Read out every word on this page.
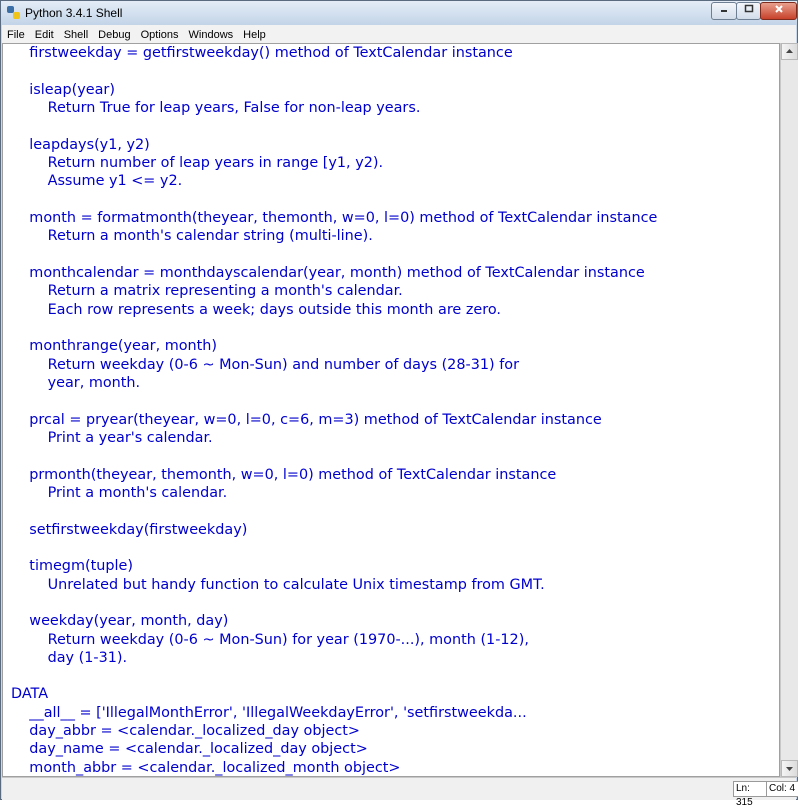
Python 3.4.1 Shell
File Edit Shell Debug Options Windows Help
firstweekday = getfirstweekday() method of TextCalendar instance

isleap(year)
Return True for leap years, False for non-leap years.

leapdays(y1, y2)
Return number of leap years in range [y1, y2).
Assume y1 <= y2.

month = formatmonth(theyear, themonth, w=0, l=0) method of TextCalendar instance
Return a month's calendar string (multi-line).

monthcalendar = monthdayscalendar(year, month) method of TextCalendar instance
Return a matrix representing a month's calendar.
Each row represents a week; days outside this month are zero.

monthrange(year, month)
Return weekday (0-6 ~ Mon-Sun) and number of days (28-31) for
year, month.

prcal = pryear(theyear, w=0, l=0, c=6, m=3) method of TextCalendar instance
Print a year's calendar.

prmonth(theyear, themonth, w=0, l=0) method of TextCalendar instance
Print a month's calendar.

setfirstweekday(firstweekday)

timegm(tuple)
Unrelated but handy function to calculate Unix timestamp from GMT.

weekday(year, month, day)
Return weekday (0-6 ~ Mon-Sun) for year (1970-...), month (1-12),
day (1-31).

DATA
__all__ = ['IllegalMonthError', 'IllegalWeekdayError', 'setfirstweekda...
day_abbr = <calendar._localized_day object>
day_name = <calendar._localized_day object>
month_abbr = <calendar._localized_month object>

Ln: 315
Col: 4
